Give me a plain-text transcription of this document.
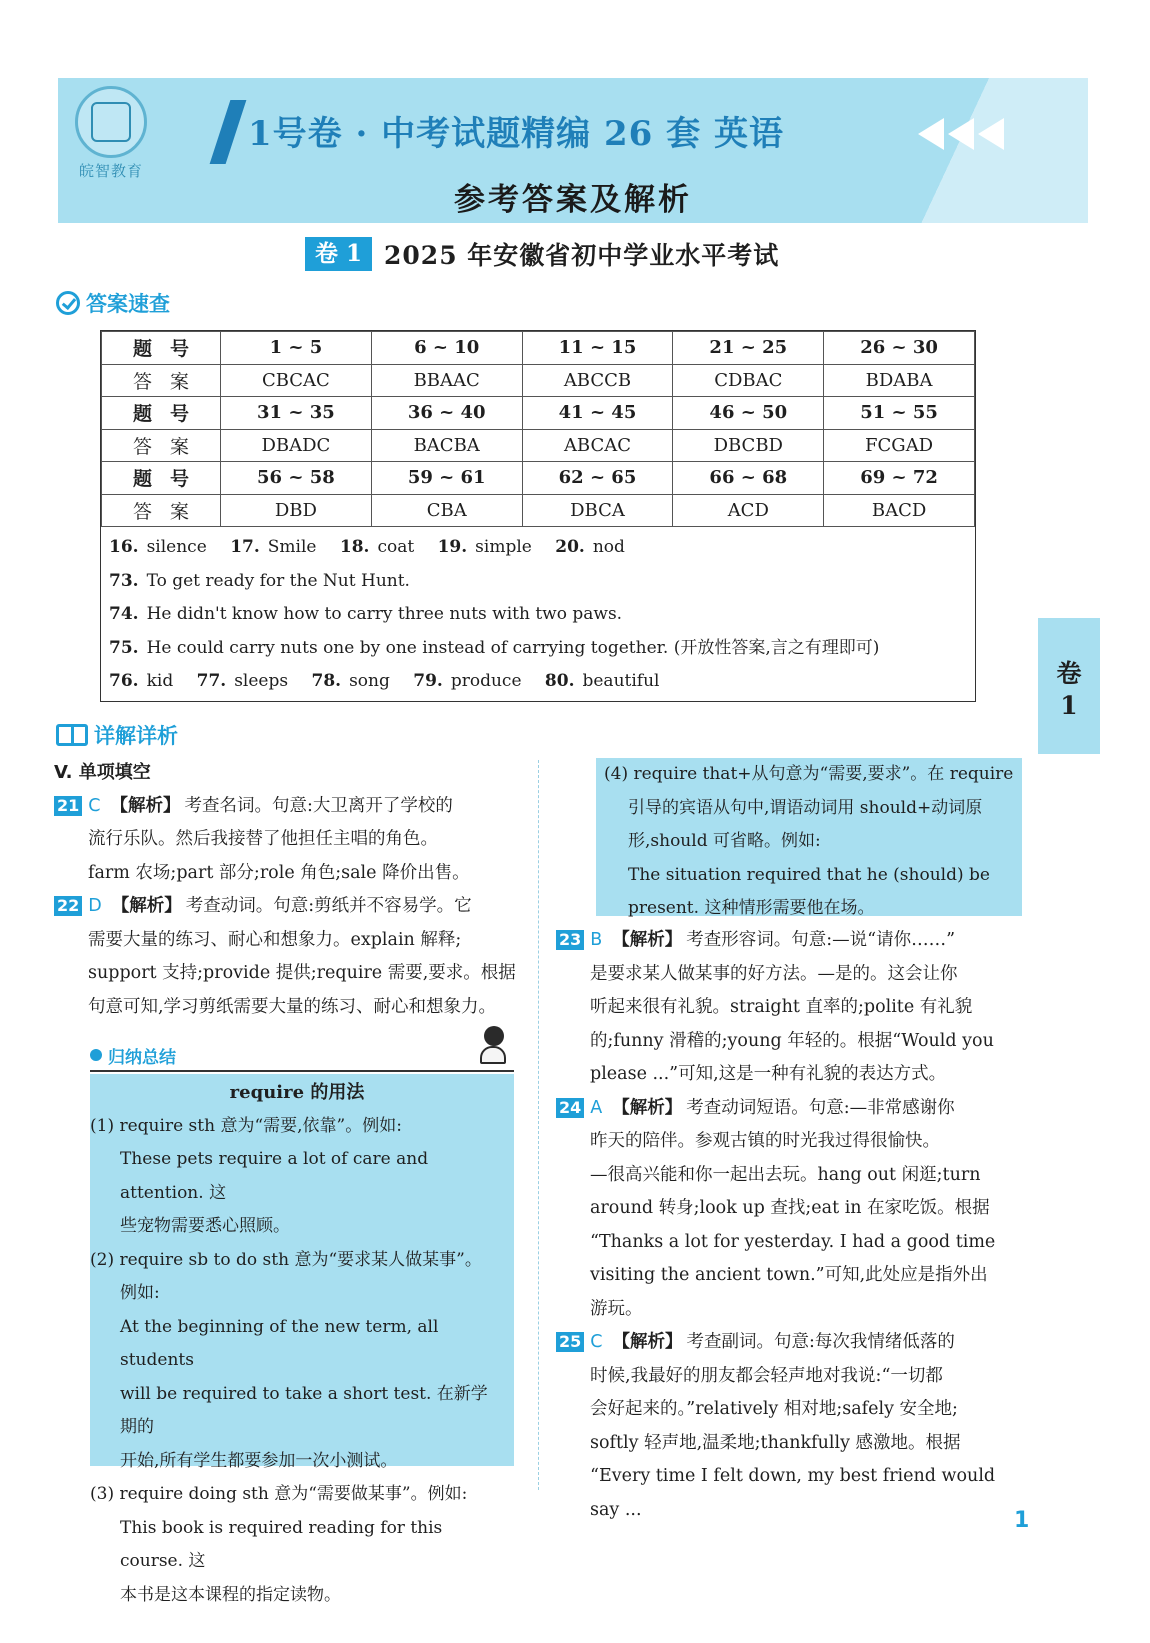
皖智教育
1号卷 · 中考试题精编 26 套 英语
参考答案及解析
卷 1 2025 年安徽省初中学业水平考试
答案速查
题号	1 ~ 5	6 ~ 10	11 ~ 15	21 ~ 25	26 ~ 30
答案	CBCAC	BBAAC	ABCCB	CDBAC	BDABA
题号	31 ~ 35	36 ~ 40	41 ~ 45	46 ~ 50	51 ~ 55
答案	DBADC	BACBA	ABCAC	DBCBD	FCGAD
题号	56 ~ 58	59 ~ 61	62 ~ 65	66 ~ 68	69 ~ 72
答案	DBD	CBA	DBCA	ACD	BACD
16. silence 17. Smile 18. coat 19. simple 20. nod
73. To get ready for the Nut Hunt.
74. He didn't know how to carry three nuts with two paws.
75. He could carry nuts one by one instead of carrying together. (开放性答案,言之有理即可)
76. kid 77. sleeps 78. song 79. produce 80. beautiful	卷
1
详解详析
V. 单项填空
21 C 【解析】 考查名词。句意:大卫离开了学校的
流行乐队。然后我接替了他担任主唱的角色。
farm 农场;part 部分;role 角色;sale 降价出售。
22 D 【解析】 考查动词。句意:剪纸并不容易学。它
需要大量的练习、耐心和想象力。explain 解释;
support 支持;provide 提供;require 需要,要求。根据
句意可知,学习剪纸需要大量的练习、耐心和想象力。
归纳总结
require 的用法
(1) require sth 意为“需要,依靠”。例如:
These pets require a lot of care and attention. 这
些宠物需要悉心照顾。
(2) require sb to do sth 意为“要求某人做某事”。
例如:
At the beginning of the new term, all students
will be required to take a short test. 在新学期的
开始,所有学生都要参加一次小测试。
(3) require doing sth 意为“需要做某事”。例如:
This book is required reading for this course. 这
本书是这本课程的指定读物。
(4) require that+从句意为“需要,要求”。在 require
引导的宾语从句中,谓语动词用 should+动词原
形,should 可省略。例如:
The situation required that he (should) be
present. 这种情形需要他在场。
23 B 【解析】 考查形容词。句意:—说“请你……”
是要求某人做某事的好方法。—是的。这会让你
听起来很有礼貌。straight 直率的;polite 有礼貌
的;funny 滑稽的;young 年轻的。根据“Would you
please ...”可知,这是一种有礼貌的表达方式。
24 A 【解析】 考查动词短语。句意:—非常感谢你
昨天的陪伴。参观古镇的时光我过得很愉快。
—很高兴能和你一起出去玩。hang out 闲逛;turn
around 转身;look up 查找;eat in 在家吃饭。根据
“Thanks a lot for yesterday. I had a good time
visiting the ancient town.”可知,此处应是指外出
游玩。
25 C 【解析】 考查副词。句意:每次我情绪低落的
时候,我最好的朋友都会轻声地对我说:“一切都
会好起来的。”relatively 相对地;safely 安全地;
softly 轻声地,温柔地;thankfully 感激地。根据
“Every time I felt down, my best friend would say ...	1
